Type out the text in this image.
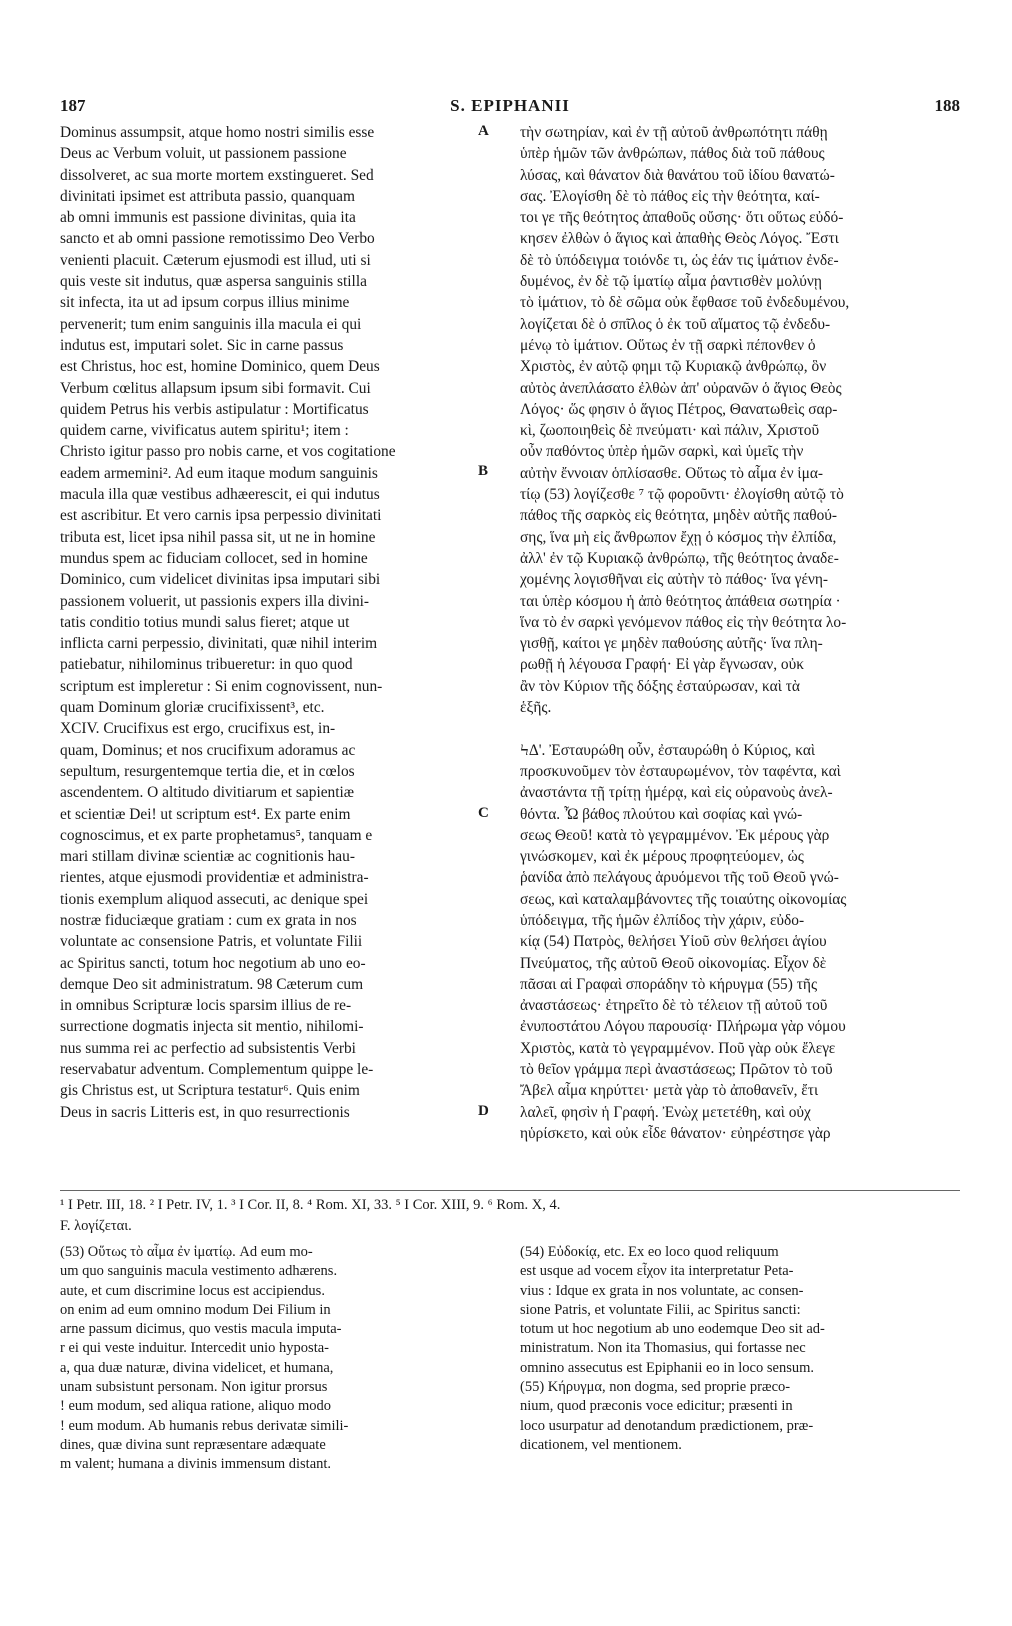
187	S. EPIPHANII	188
A
B
C
D
Dominus assumpsit, atque homo nostri similis esse
Deus ac Verbum voluit, ut passionem passione
dissolveret, ac sua morte mortem exstingueret. Sed
divinitati ipsimet est attributa passio, quanquam
ab omni immunis est passione divinitas, quia ita
sancto et ab omni passione remotissimo Deo Verbo
venienti placuit. Cæterum ejusmodi est illud, uti si
quis veste sit indutus, quæ aspersa sanguinis stilla
sit infecta, ita ut ad ipsum corpus illius minime
pervenerit; tum enim sanguinis illa macula ei qui
indutus est, imputari solet. Sic in carne passus
est Christus, hoc est, homine Dominico, quem Deus
Verbum cœlitus allapsum ipsum sibi formavit. Cui
quidem Petrus his verbis astipulatur : Mortificatus
quidem carne, vivificatus autem spiritu¹; item :
Christo igitur passo pro nobis carne, et vos cogitatione
eadem armemini². Ad eum itaque modum sanguinis
macula illa quæ vestibus adhæerescit, ei qui indutus
est ascribitur. Et vero carnis ipsa perpessio divinitati
tributa est, licet ipsa nihil passa sit, ut ne in homine
mundus spem ac fiduciam collocet, sed in homine
Dominico, cum videlicet divinitas ipsa imputari sibi
passionem voluerit, ut passionis expers illa divini-
tatis conditio totius mundi salus fieret; atque ut
inflicta carni perpessio, divinitati, quæ nihil interim
patiebatur, nihilominus tribueretur: in quo quod
scriptum est impleretur : Si enim cognovissent, nun-
quam Dominum gloriæ crucifixissent³, etc.
XCIV. Crucifixus est ergo, crucifixus est, in-
quam, Dominus; et nos crucifixum adoramus ac
sepultum, resurgentemque tertia die, et in cœlos
ascendentem. O altitudo divitiarum et sapientiæ
et scientiæ Dei! ut scriptum est⁴. Ex parte enim
cognoscimus, et ex parte prophetamus⁵, tanquam e
mari stillam divinæ scientiæ ac cognitionis hau-
rientes, atque ejusmodi providentiæ et administra-
tionis exemplum aliquod assecuti, ac denique spei
nostræ fiduciæque gratiam : cum ex grata in nos
voluntate ac consensione Patris, et voluntate Filii
ac Spiritus sancti, totum hoc negotium ab uno eo-
demque Deo sit administratum. 98 Cæterum cum
in omnibus Scripturæ locis sparsim illius de re-
surrectione dogmatis injecta sit mentio, nihilomi-
nus summa rei ac perfectio ad subsistentis Verbi
reservabatur adventum. Complementum quippe le-
gis Christus est, ut Scriptura testatur⁶. Quis enim
Deus in sacris Litteris est, in quo resurrectionis
τὴν σωτηρίαν, καὶ ἐν τῇ αὐτοῦ ἀνθρωπότητι πάθῃ
ὑπὲρ ἡμῶν τῶν ἀνθρώπων, πάθος διὰ τοῦ πάθους
λύσας, καὶ θάνατον διὰ θανάτου τοῦ ἰδίου θανατώ-
σας. Ἐλογίσθη δὲ τὸ πάθος εἰς τὴν θεότητα, καί-
τοι γε τῆς θεότητος ἀπαθοῦς οὔσης· ὅτι οὕτως εὐδό-
κησεν ἐλθὼν ὁ ἅγιος καὶ ἀπαθὴς Θεὸς Λόγος. Ἔστι
δὲ τὸ ὑπόδειγμα τοιόνδε τι, ὡς ἐάν τις ἱμάτιον ἐνδε-
δυμένος, ἐν δὲ τῷ ἱματίῳ αἷμα ῥαντισθὲν μολύνῃ
τὸ ἱμάτιον, τὸ δὲ σῶμα οὐκ ἔφθασε τοῦ ἐνδεδυμένου,
λογίζεται δὲ ὁ σπῖλος ὁ ἐκ τοῦ αἵματος τῷ ἐνδεδυ-
μένῳ τὸ ἱμάτιον. Οὕτως ἐν τῇ σαρκὶ πέπονθεν ὁ
Χριστὸς, ἐν αὐτῷ φημι τῷ Κυριακῷ ἀνθρώπῳ, ὃν
αὐτὸς ἀνεπλάσατο ἐλθὼν ἀπ' οὐρανῶν ὁ ἅγιος Θεὸς
Λόγος· ὥς φησιν ὁ ἅγιος Πέτρος, Θανατωθεὶς σαρ-
κὶ, ζωοποιηθεὶς δὲ πνεύματι· καὶ πάλιν, Χριστοῦ
οὖν παθόντος ὑπὲρ ἡμῶν σαρκὶ, καὶ ὑμεῖς τὴν
αὐτὴν ἔννοιαν ὁπλίσασθε. Οὕτως τὸ αἷμα ἐν ἱμα-
τίῳ (53) λογίζεσθε ⁷ τῷ φοροῦντι· ἐλογίσθη αὐτῷ τὸ
πάθος τῆς σαρκὸς εἰς θεότητα, μηδὲν αὐτῆς παθού-
σης, ἵνα μὴ εἰς ἄνθρωπον ἔχῃ ὁ κόσμος τὴν ἐλπίδα,
ἀλλ' ἐν τῷ Κυριακῷ ἀνθρώπῳ, τῆς θεότητος ἀναδε-
χομένης λογισθῆναι εἰς αὐτὴν τὸ πάθος· ἵνα γένη-
ται ὑπὲρ κόσμου ἡ ἀπὸ θεότητος ἀπάθεια σωτηρία ·
ἵνα τὸ ἐν σαρκὶ γενόμενον πάθος εἰς τὴν θεότητα λο-
γισθῇ, καίτοι γε μηδὲν παθούσης αὐτῆς· ἵνα πλη-
ρωθῇ ἡ λέγουσα Γραφή· Εἰ γὰρ ἔγνωσαν, οὐκ
ἂν τὸν Κύριον τῆς δόξης ἐσταύρωσαν, καὶ τὰ
ἑξῆς.
ϞΔ'. Ἐσταυρώθη οὖν, ἐσταυρώθη ὁ Κύριος, καὶ
προσκυνοῦμεν τὸν ἐσταυρωμένον, τὸν ταφέντα, καὶ
ἀναστάντα τῇ τρίτῃ ἡμέρᾳ, καὶ εἰς οὐρανοὺς ἀνελ-
θόντα. Ὦ βάθος πλούτου καὶ σοφίας καὶ γνώ-
σεως Θεοῦ! κατὰ τὸ γεγραμμένον. Ἐκ μέρους γὰρ
γινώσκομεν, καὶ ἐκ μέρους προφητεύομεν, ὡς
ῥανίδα ἀπὸ πελάγους ἀρυόμενοι τῆς τοῦ Θεοῦ γνώ-
σεως, καὶ καταλαμβάνοντες τῆς τοιαύτης οἰκονομίας
ὑπόδειγμα, τῆς ἡμῶν ἐλπίδος τὴν χάριν, εὐδο-
κίᾳ (54) Πατρὸς, θελήσει Υἱοῦ σὺν θελήσει ἁγίου
Πνεύματος, τῆς αὐτοῦ Θεοῦ οἰκονομίας. Εἶχον δὲ
πᾶσαι αἱ Γραφαὶ σποράδην τὸ κήρυγμα (55) τῆς
ἀναστάσεως· ἐτηρεῖτο δὲ τὸ τέλειον τῇ αὐτοῦ τοῦ
ἐνυποστάτου Λόγου παρουσίᾳ· Πλήρωμα γὰρ νόμου
Χριστὸς, κατὰ τὸ γεγραμμένον. Ποῦ γὰρ οὐκ ἔλεγε
τὸ θεῖον γράμμα περὶ ἀναστάσεως; Πρῶτον τὸ τοῦ
Ἄβελ αἷμα κηρύττει· μετὰ γὰρ τὸ ἀποθανεῖν, ἔτι
λαλεῖ, φησὶν ἡ Γραφή. Ἐνὼχ μετετέθη, καὶ οὐχ
ηὑρίσκετο, καὶ οὐκ εἶδε θάνατον· εὐηρέστησε γὰρ
¹ I Petr. III, 18. ² I Petr. IV, 1. ³ I Cor. II, 8. ⁴ Rom. XI, 33. ⁵ I Cor. XIII, 9. ⁶ Rom. X, 4.
F. λογίζεται.
(53) Οὕτως τὸ αἷμα ἐν ἱματίῳ. Ad eum mo-
um quo sanguinis macula vestimento adhærens.
aute, et cum discrimine locus est accipiendus.
on enim ad eum omnino modum Dei Filium in
arne passum dicimus, quo vestis macula imputa-
r ei qui veste induitur. Intercedit unio hyposta-
a, qua duæ naturæ, divina videlicet, et humana,
unam subsistunt personam. Non igitur prorsus
! eum modum, sed aliqua ratione, aliquo modo
! eum modum. Ab humanis rebus derivatæ simili-
dines, quæ divina sunt repræsentare adæquate
m valent; humana a divinis immensum distant.
(54) Εὐδοκίᾳ, etc. Ex eo loco quod reliquum
est usque ad vocem εἶχον ita interpretatur Peta-
vius : Idque ex grata in nos voluntate, ac consen-
sione Patris, et voluntate Filii, ac Spiritus sancti:
totum ut hoc negotium ab uno eodemque Deo sit ad-
ministratum. Non ita Thomasius, qui fortasse nec
omnino assecutus est Epiphanii eo in loco sensum.
(55) Κήρυγμα, non dogma, sed proprie præco-
nium, quod præconis voce edicitur; præsenti in
loco usurpatur ad denotandum prædictionem, præ-
dicationem, vel mentionem.
